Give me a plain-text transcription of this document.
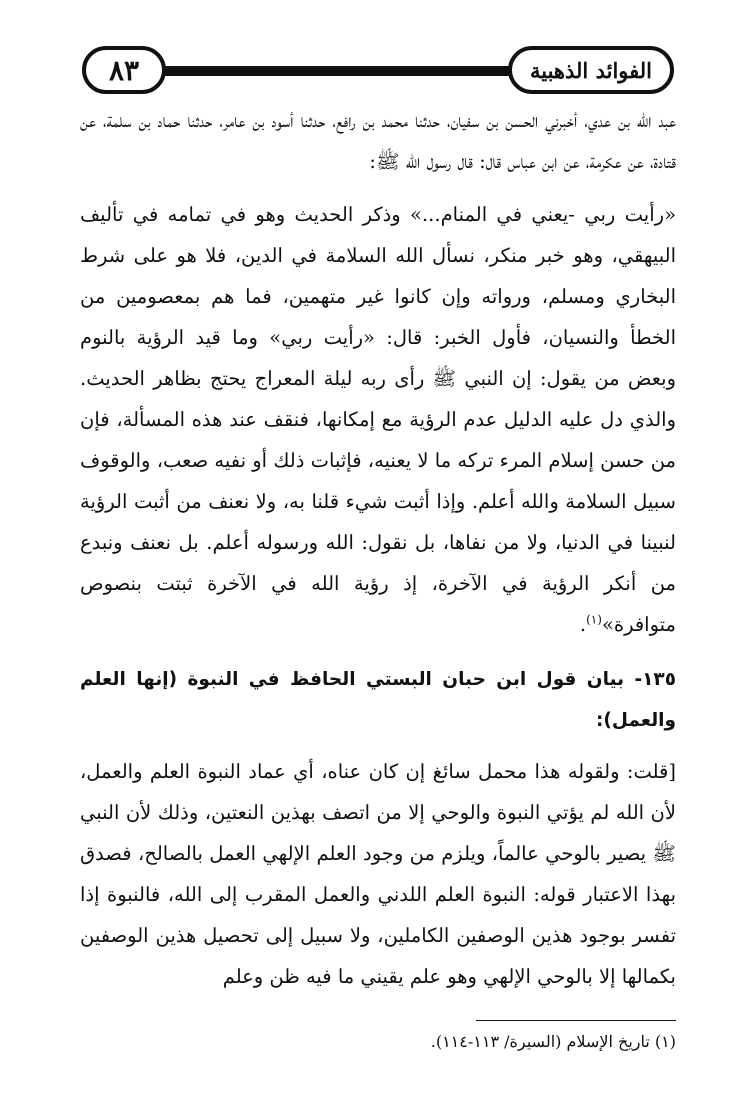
٨٣	الفوائد الذهبية

عبد الله بن عدي، أخبرني الحسن بن سفيان، حدثنا محمد بن رافع، حدثنا أسود بن عامر، حدثنا حماد بن سلمة، عن قتادة، عن عكرمة، عن ابن عباس قال: قال رسول الله ﷺ:

«رأيت ربي -يعني في المنام...» وذكر الحديث وهو في تمامه في تأليف البيهقي، وهو خبر منكر، نسأل الله السلامة في الدين، فلا هو على شرط البخاري ومسلم، ورواته وإن كانوا غير متهمين، فما هم بمعصومين من الخطأ والنسيان، فأول الخبر: قال: «رأيت ربي» وما قيد الرؤية بالنوم وبعض من يقول: إن النبي ﷺ رأى ربه ليلة المعراج يحتج بظاهر الحديث. والذي دل عليه الدليل عدم الرؤية مع إمكانها، فنقف عند هذه المسألة، فإن من حسن إسلام المرء تركه ما لا يعنيه، فإثبات ذلك أو نفيه صعب، والوقوف سبيل السلامة والله أعلم. وإذا أثبت شيء قلنا به، ولا نعنف من أثبت الرؤية لنبينا في الدنيا، ولا من نفاها، بل نقول: الله ورسوله أعلم. بل نعنف ونبدع من أنكر الرؤية في الآخرة، إذ رؤية الله في الآخرة ثبتت بنصوص متوافرة»$^{(١)}$.

١٣٥- بيان قول ابن حبان البستي الحافظ في النبوة (إنها العلم والعمل):

[قلت: ولقوله هذا محمل سائغ إن كان عناه، أي عماد النبوة العلم والعمل، لأن الله لم يؤتي النبوة والوحي إلا من اتصف بهذين النعتين، وذلك لأن النبي ﷺ يصير بالوحي عالماً، ويلزم من وجود العلم الإلهي العمل بالصالح، فصدق بهذا الاعتبار قوله: النبوة العلم اللدني والعمل المقرب إلى الله، فالنبوة إذا تفسر بوجود هذين الوصفين الكاملين، ولا سبيل إلى تحصيل هذين الوصفين بكمالها إلا بالوحي الإلهي وهو علم يقيني ما فيه ظن وعلم

(١) تاريخ الإسلام (السيرة/ ١١٣-١١٤).
